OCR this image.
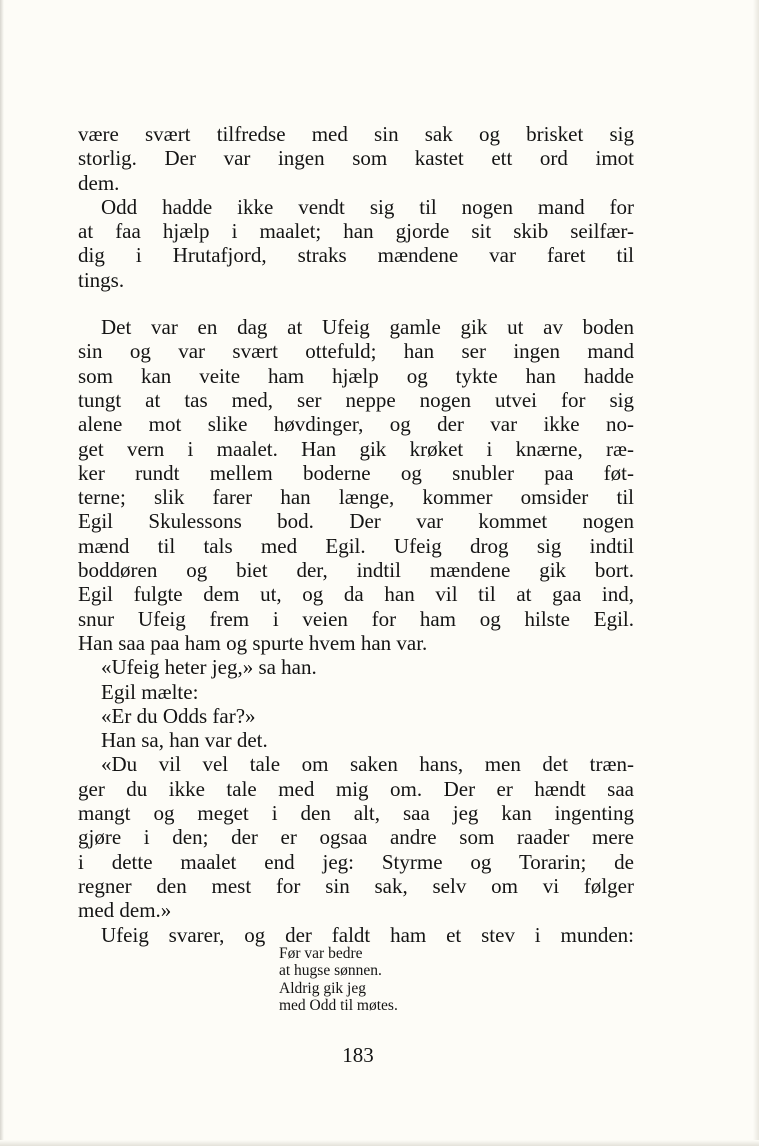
være svært tilfredse med sin sak og brisket sig
storlig. Der var ingen som kastet ett ord imot
dem.
Odd hadde ikke vendt sig til nogen mand for
at faa hjælp i maalet; han gjorde sit skib seilfær-
dig i Hrutafjord, straks mændene var faret til
tings.
Det var en dag at Ufeig gamle gik ut av boden
sin og var svært ottefuld; han ser ingen mand
som kan veite ham hjælp og tykte han hadde
tungt at tas med, ser neppe nogen utvei for sig
alene mot slike høvdinger, og der var ikke no-
get vern i maalet. Han gik krøket i knærne, ræ-
ker rundt mellem boderne og snubler paa føt-
terne; slik farer han længe, kommer omsider til
Egil Skulessons bod. Der var kommet nogen
mænd til tals med Egil. Ufeig drog sig indtil
boddøren og biet der, indtil mændene gik bort.
Egil fulgte dem ut, og da han vil til at gaa ind,
snur Ufeig frem i veien for ham og hilste Egil.
Han saa paa ham og spurte hvem han var.
«Ufeig heter jeg,» sa han.
Egil mælte:
«Er du Odds far?»
Han sa, han var det.
«Du vil vel tale om saken hans, men det træn-
ger du ikke tale med mig om. Der er hændt saa
mangt og meget i den alt, saa jeg kan ingenting
gjøre i den; der er ogsaa andre som raader mere
i dette maalet end jeg: Styrme og Torarin; de
regner den mest for sin sak, selv om vi følger
med dem.»
Ufeig svarer, og der faldt ham et stev i munden:
Før var bedre
at hugse sønnen.
Aldrig gik jeg
med Odd til møtes.
183
